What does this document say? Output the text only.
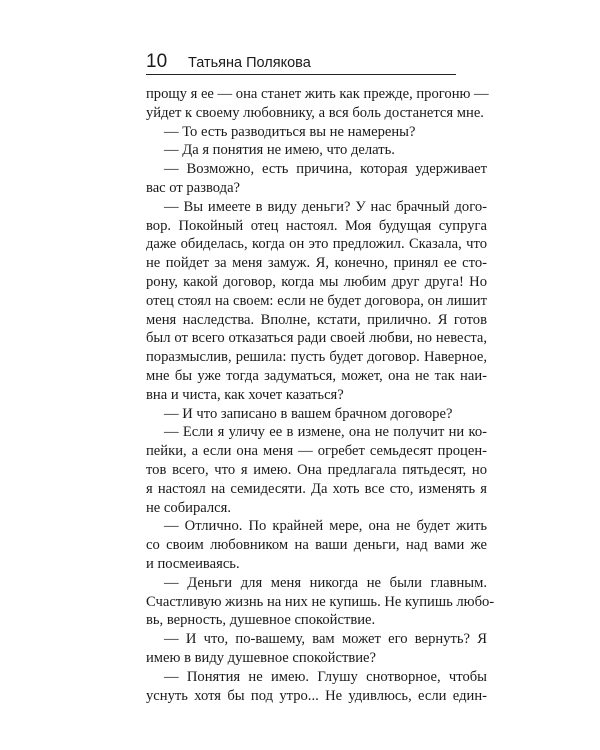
10 Татьяна Полякова
прощу я ее — она станет жить как прежде, прогоню —
уйдет к своему любовнику, а вся боль достанется мне.
— То есть разводиться вы не намерены?
— Да я понятия не имею, что делать.
— Возможно, есть причина, которая удерживает
вас от развода?
— Вы имеете в виду деньги? У нас брачный дого-
вор. Покойный отец настоял. Моя будущая супруга
даже обиделась, когда он это предложил. Сказала, что
не пойдет за меня замуж. Я, конечно, принял ее сто-
рону, какой договор, когда мы любим друг друга! Но
отец стоял на своем: если не будет договора, он лишит
меня наследства. Вполне, кстати, прилично. Я готов
был от всего отказаться ради своей любви, но невеста,
поразмыслив, решила: пусть будет договор. Наверное,
мне бы уже тогда задуматься, может, она не так наи-
вна и чиста, как хочет казаться?
— И что записано в вашем брачном договоре?
— Если я уличу ее в измене, она не получит ни ко-
пейки, а если она меня — огребет семьдесят процен-
тов всего, что я имею. Она предлагала пятьдесят, но
я настоял на семидесяти. Да хоть все сто, изменять я
не собирался.
— Отлично. По крайней мере, она не будет жить
со своим любовником на ваши деньги, над вами же
и посмеиваясь.
— Деньги для меня никогда не были главным.
Счастливую жизнь на них не купишь. Не купишь любо-
вь, верность, душевное спокойствие.
— И что, по-вашему, вам может его вернуть? Я
имею в виду душевное спокойствие?
— Понятия не имею. Глушу снотворное, чтобы
уснуть хотя бы под утро... Не удивлюсь, если един-
